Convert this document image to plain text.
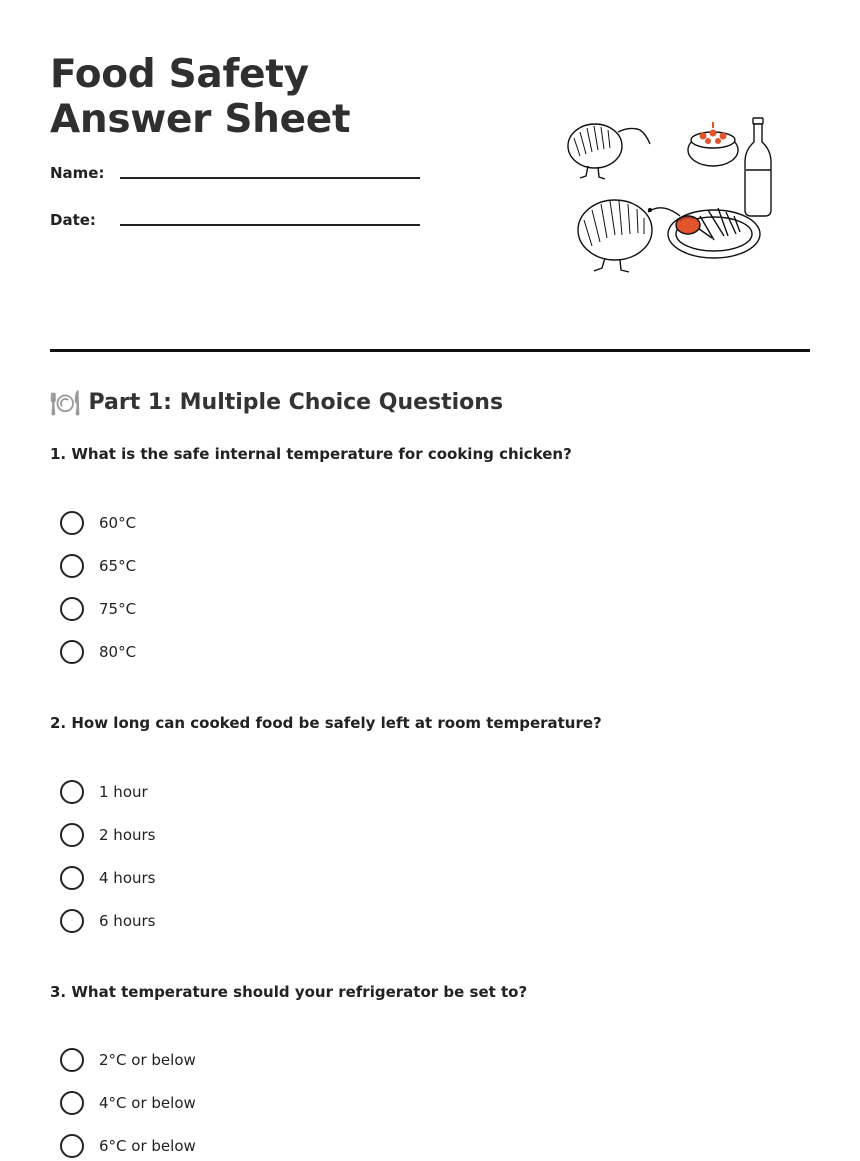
Food Safety Answer Sheet
Name:
Date:
🍽 Part 1: Multiple Choice Questions

1. What is the safe internal temperature for cooking chicken?

60°C
65°C
75°C
80°C

2. How long can cooked food be safely left at room temperature?

1 hour
2 hours
4 hours
6 hours

3. What temperature should your refrigerator be set to?

2°C or below
4°C or below
6°C or below
